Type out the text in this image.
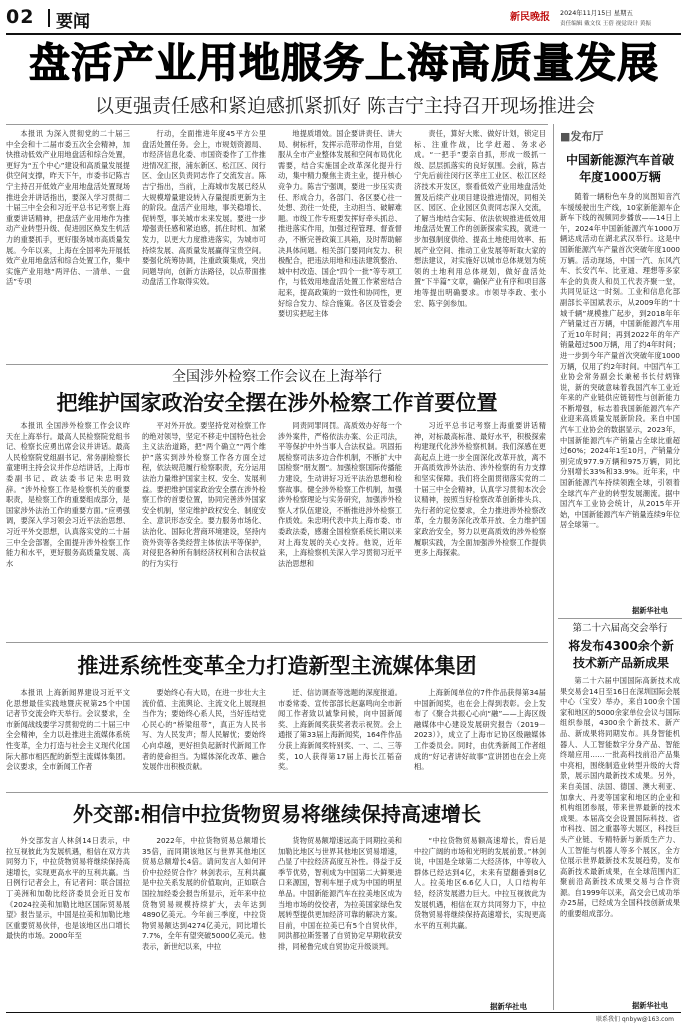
02 要闻	新民晚报 2024年11月15日 星期五
责任编辑 戴文仪 王蓓 视觉设计 黄振
盘活产业用地服务上海高质量发展
以更强责任感和紧迫感抓紧抓好 陈吉宁主持召开现场推进会

本报讯 为深入贯彻党的二十届三中全会和十二届市委五次全会精神，加快推动低效产业用地盘活和综合处置，更好为“五个中心”建设和高质量发展提供空间支撑，昨天下午，市委书记陈吉宁主持召开低效产业用地盘活处置现场推进会并讲话指出，要深入学习贯彻二十届三中全会和习近平总书记考察上海重要讲话精神，把盘活产业用地作为推动产业转型升级、促进园区焕发生机活力的重要抓手，更好服务城市高质量发展。今年以来，上海在全国率先开展低效产业用地盘活和综合处置工作，集中实施产业用地“两评估、一清单、一盘活”专项

行动，全面推进年度45平方公里盘活处置任务。会上，市规划资源局、市经济信息化委、市国资委作了工作推进情况汇报，浦东新区、松江区、闵行区、金山区负责同志作了交流发言。陈吉宁指出，当前，上海城市发展已经从大规模增量建设转入存量提质更新为主的阶段。盘活产业用地，事关稳增长、促转型，事关城市未来发展。要进一步增强责任感和紧迫感，抓住时机、加紧发力，以更大力度推进落实，为城市可持续发展、高质量发展赢得宝贵空间。要强化统筹协调，注重政策集成，突出问题导向，创新方法路径，以点带面推动盘活工作取得实效。

地提质增效。国企要讲责任、讲大局、树标杆，发挥示范带动作用，自觉服从全市产业整体发展和空间布局优化需要，结合实施国企改革深化提升行动，集中精力聚焦主责主业，提升核心竞争力。陈吉宁强调，要进一步压实责任、形成合力，各部门、各区要心往一处想、劲往一处使，主动担当、破解难题。市级工作专班要发挥好牵头抓总、推进落实作用，加强过程管理、督查督办，不断完善政策工具箱，及时帮助解决具体问题。相关部门要同向发力、积极配合，把违法用地和违法建筑整治、城中村改造、国企“四个一批”等专项工作，与低效用地盘活处置工作紧密结合起来，提高政策的一致性和协同性，更好综合发力、综合施策。各区及管委会要切实把起主体

责任，算好大账、做好计划，锁定目标、注重作战，比学赶超、务求必成。“一把手”要亲自抓，形成一级抓一级、层层抓落实的良好氛围。会前，陈吉宁先后前往闵行区莘庄工业区、松江区经济技术开发区，察看低效产业用地盘活处置及后续产业项目建设推进情况，同相关区、园区、企业园区负责同志深入交流，了解当地结合实际、依法依规推进低效用地盘活处置工作的创新探索实践，就进一步加强制度供给、提高土地使用效率、拓展产业空间、推动工业发展等听取大家的想法建议，对实施好以城市总体规划为统领的土地利用总体规划，做好盘活处置“下半篇”文章，确保产业有序和项目落地等提出明确要求。市领导李政、张小宏、陈宇剑参加。

全国涉外检察工作会议在上海举行
把维护国家政治安全摆在涉外检察工作首要位置

本报讯 全国涉外检察工作会议昨天在上海举行。最高人民检察院党组书记、检察长应勇出席会议并讲话。最高人民检察院党组副书记、常务副检察长童建明主持会议并作总结讲话，上海市委副书记、政法委书记朱忠明致辞。“涉外检察工作是检察机关的重要职责，是检察工作的重要组成部分，是国家涉外法治工作的重要方面。”应勇强调，要深入学习领会习近平法治思想、习近平外交思想，认真落实党的二十届三中全会部署，全面提升涉外检察工作能力和水平，更好服务高质量发展、高水

平对外开放。要坚持党对检察工作的绝对领导，坚定不移走中国特色社会主义法治道路，把“两个确立”“两个维护”落实到涉外检察工作各方面全过程，依法规范履行检察职责，充分运用法治力量维护国家主权、安全、发展利益。要把维护国家政治安全摆在涉外检察工作的首要位置，协同完善涉外国家安全机制，坚定维护政权安全、制度安全、意识形态安全。要力服务市场化、法治化、国际化营商环境建设，坚持内资外资等各类经营主体依法平等保护，对侵犯各种所有制经济权利和合法权益的行为实行

同责同罪同罚。高质效办好每一个涉外案件，严格依法办案、公正司法，平等保护中外当事人合法权益。巩固拓展检察司法多边合作机制，不断扩大中国检察“朋友圈”。加强检察国际传播能力建设，生动讲好习近平法治思想和检察故事。健全涉外检察工作机制，加强涉外检察理论与实务研究，加强涉外检察人才队伍建设，不断推进涉外检察工作质效。朱忠明代表中共上海市委、市委政法委，感谢全国检察系统长期以来对上海发展的关心支持。他说，近年来，上海检察机关深入学习贯彻习近平法治思想和

习近平总书记考察上海重要讲话精神，对标最高标准、最好水平，积极探索构建现代化涉外检察机制。我们深感在更高起点上进一步全面深化改革开放，离不开高质效涉外法治、涉外检察的有力支撑和坚实保障。我们将全面贯彻落实党的二十届三中全会精神，认真学习贯彻本次会议精神，按照当好检察改革创新排头兵、先行者的定位要求，全力推进涉外检察改革，全力服务深化改革开放、全力维护国家政治安全，努力以更高质效的涉外检察履职实践，为全面加强涉外检察工作提供更多上海探索。

推进系统性变革全力打造新型主流媒体集团

本报讯 上海新闻界建设习近平文化思想最佳实践地暨庆祝第25个中国记者节交流会昨天举行。会议要求，全市新闻战线要学习贯彻党的二十届三中全会精神，全力以赴推进主流媒体系统性变革，全力打造与社会主义现代化国际大都市相匹配的新型主流媒体集团。会议要求，全市新闻工作者

要始终心有大局，在进一步壮大主流价值、主流舆论、主流文化上展现担当作为；要始终心系人民，当好连结党心民心的“桥梁纽带”，真正为人民书写、为人民发声；帮人民解忧；要始终心向卓越，更好担负起新时代新闻工作者的使命担当。为媒体深化改革、融合发展作出积极贡献。

迁、信访调查等选题的深度报道。市委常委、宣传部部长赵嘉鸣向全市新闻工作者致以诚挚问候，向中国新闻奖、上海新闻奖获奖者表示祝贺。会上通报了第33届上海新闻奖，164件作品分获上海新闻奖特别奖、一、二、三等奖，10人获得第17届上海长江韬奋奖。

上海新闻单位的7件作品获得第34届中国新闻奖，也在会上得到表彰。会上发布了《聚合共振心心向“融”——上海区级融媒体中心建设发展研究报告（2019－2023）》，成立了上海市记协区级融媒体工作委员会。同时，由优秀新闻工作者组成的“好记者讲好故事”宣讲团也在会上亮相。

外交部:相信中拉货物贸易将继续保持高速增长

外交部发言人林剑14日表示，中拉互视彼此为发展机遇，相信在双方共同努力下，中拉货物贸易将继续保持高速增长，实现更高水平的互利共赢。当日例行记者会上，有记者问：联合国拉丁美洲和加勒比经济委员会近日发布《2024拉美和加勒比地区国际贸易展望》报告显示，中国是拉美和加勒比地区重要贸易伙伴，也是该地区出口增长最快的市场。2000年至

2022年，中拉货物贸易总额增长35倍，而同期该地区与世界其他地区贸易总额增长4倍。请问发言人如何评价中拉经贸合作？林剑表示，互利共赢是中拉关系发展的价值取向，正如联合国拉加经委会报告所显示，近年来中拉货物贸易规模持续扩大，去年达到4890亿美元。今年前三季度，中拉货物贸易额达到4274亿美元，同比增长7.7%，全年有望突破5000亿美元。他表示，新世纪以来，中拉

货物贸易额增速远高于同期拉美和加勒比地区与世界其他地区贸易增速，凸显了中拉经济高度互补性。得益于反季节优势，智利成为中国第二大鲜果进口来源国，智利车厘子成为中国的明星单品。中国新能源汽车在拉美地区成为当地市场的佼佼者，为拉美国家绿色发展转型提供更加经济可靠的解决方案。目前，中国在拉美已有5个自贸伙伴，同洪都拉斯签署了自贸协定早期收获安排，同秘鲁完成自贸协定升级谈判。

“中拉货物贸易额高速增长，背后是中拉广阔的市场和光明的发展前景。”林剑说，中国是全球第二大经济体，中等收入群体已经达到4亿，未来有望翻番到8亿人。拉美地区6.6亿人口，人口结构年轻，经济发展潜力巨大。中拉互视彼此为发展机遇，相信在双方共同努力下，中拉货物贸易将继续保持高速增长，实现更高水平的互利共赢。

据新华社电
■发布厅
中国新能源汽车首破年度1000万辆

随着一辆粉色车身的岚图知音汽车缓缓驶出生产线，10家新能源车企新车下线的视频同步播放——14日上午，2024年中国新能源汽车1000万辆达成活动在湖北武汉举行。这是中国新能源汽车产量首次突破年度1000万辆。活动现场，中国一汽、东风汽车、长安汽车、比亚迪、理想等多家车企的负责人和员工代表齐聚一堂，共同见证这一时刻。工业和信息化部副部长辛国斌表示，从2009年的“十城千辆”规模推广起步，到2018年年产销量过百万辆，中国新能源汽车用了近10年时间；再到2022年的年产销量超过500万辆，用了约4年时间；进一步到今年产量首次突破年度1000万辆，仅用了约2年时间。中国汽车工业协会常务副会长兼秘书长付炳锋说，新的突破意味着我国汽车工业近年来的产业链供应链韧性与创新能力不断增强，标志着我国新能源汽车产业迎来高质量发展新阶段。来自中国汽车工业协会的数据显示，2023年，中国新能源汽车产销量占全球比重超过60%；2024年1至10月，产销量分别完成977.9万辆和975万辆，同比分别增长33%和33.9%。近年来，中国新能源汽车持续领跑全球，引领着全球汽车产业的转型发展潮流。据中国汽车工业协会统计，从2015年开始，中国新能源汽车产销量连续9年位居全球第一。

据新华社电
第二十六届高交会举行
将发布4300余个新技术新产品新成果

第二十六届中国国际高新技术成果交易会14日至16日在深圳国际会展中心（宝安）举办，来自100余个国家和地区的5000余家单位会议与国际组织参展，4300余个新技术、新产品、新成果将同期发布。具身智能机器人、人工智能数字分身产品、智能终端应用……一批高科技前沿产品集中亮相，围绕制造业转型升级的大背景，展示国内最新技术成果。另外，来自美国、法国、德国、澳大利亚、加拿大、丹麦等国家和地区的企业和机构组团参展，带来世界最新的技术成果。本届高交会设置国际科技、省市科技、国之重器等大展区，科技巨头产业链、专精特新与新质生产力、人工智能与机器人等多个展区，全方位展示世界最新技术发展趋势，发布高新技术最新成果，在全球范围内汇聚前沿高新技术成果交易与合作资源。自1999年以来，高交会已成功举办25届，已经成为全国科技创新成果的重要组成部分。

据新华社电
联系我们 qnbyw@163.com
